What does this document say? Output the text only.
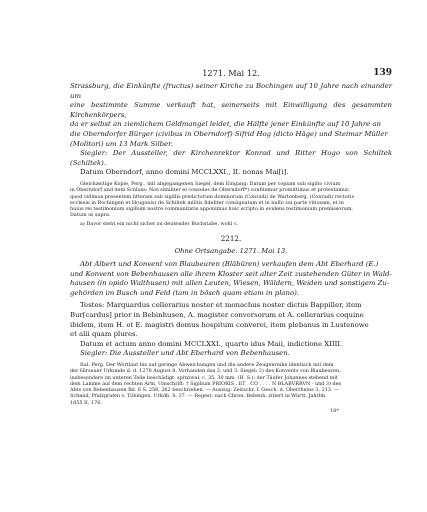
1271. Mai 12.	139

Strassburg, die Einkünfte (fructus) seiner Kirche zu Bochingen auf 10 Jahre nach einander um

eine bestimmte Summe verkauft hat, seinerseits mit Einwilligung des gesammten Kirchenkörpers,

da er selbst an ziemlichem Geldmangel leidet, die Hälfte jener Einkünfte auf 10 Jahre an

die Oberndorfer Bürger (civibus in Oberndorf) Sifrid Hog (dicto Häge) und Steimar Müller

(Molitori) um 13 Mark Silber.

Siegler: Der Aussteller, der Kirchenrektor Konrad und Ritter Hugo von Schiltek (Schiltek).

Datum Oberndorf, anno domini MCCLXXI., II. nonas Mai[i].

Gleichzeitige Kopie, Perg., mit abgegangenen Siegel, dem Eingang: Datum per copiam sub sigillo civium

in Oberndorf und dem Schluss: Nos similiter ei consules de Oberndorf*) confitemur promittimus et protestamur,

quod vidimus presentem litteram sub sigillis predictorum dominorum (Conradi) de Wartenberg, (Conradi) rectoris

ecclesie in Bochingen et H(ugonis) de Schiltek militis fideliter consignatam et in nullo sui parte vitiosam, et in

huius rei testimonium sigillum nostre communitatis apponimus huic scripto in evidens testimonium premissorum.

Datum ut supra.

a) Davor steht ein nicht sicher zu deutender Buchstabe, wohl c.

2212.

Ohne Ortsangabe. 1271. Mai 13.

Abt Albert und Konvent von Blaubeuren (Blābūren) verkaufen dem Abt Eberhard (E.)

und Konvent von Bebenhausen alle ihrem Kloster seit alter Zeit zustehenden Güter in Wald-

hausen (in opido Walthusen) mit allen Leuten, Wiesen, Wäldern, Weiden und sonstigem Zu-

gehörden im Busch und Feld (tam in bōsch quam etiam in plano).

Testes: Marquardus cellerarius noster et monachus noster dictus Bappiller, item

Bur[cardus] prior in Bebinhusen, A. magister conversorum et A. cellerarius coquine

ibidem, item H. et E. magistri domus hospitum converei, item plebanus in Lustenowe

et alii quam plures.

Datum et actum anno domini MCCLXXI., quarto idus Maii, indictione XIIII.

Siegler: Die Aussteller und Abt Eberhard von Bebenhausen.

Ital. Perg. Der Wortlaut bis auf geringe Abweichungen und die andere Zeugenreihe identisch mit dem

der Hirsauer Urkunde d. d. 1270 August 8. Vorhanden das 2. und 3. Siegel: 2) des Konvents von Blaubeuren,

insbesondere im unteren Teile beschädigt, spitzoval, c. 35, 30 mm. (H. S.): der Täufer Johannes stehend mit

dem Lamme auf dem rechten Arm, Umschrift: † Sigillum PRIORIS . ET . CO . . . . N BLABVRRVN · und 3) des

Abts von Bebenhausen Bd. 6 S. 256, 262 beschrieben. — Auszug: Zeitschr. f. Gesch. d. Oberrheins 3, 213. —

Schmid, Pfalzgrafen v. Tübingen, Urkdb. S. 37. — Regest: nach Chron. Bebenh. zitiert in Württ. Jahrbb.

1855 II, 176.

18*
